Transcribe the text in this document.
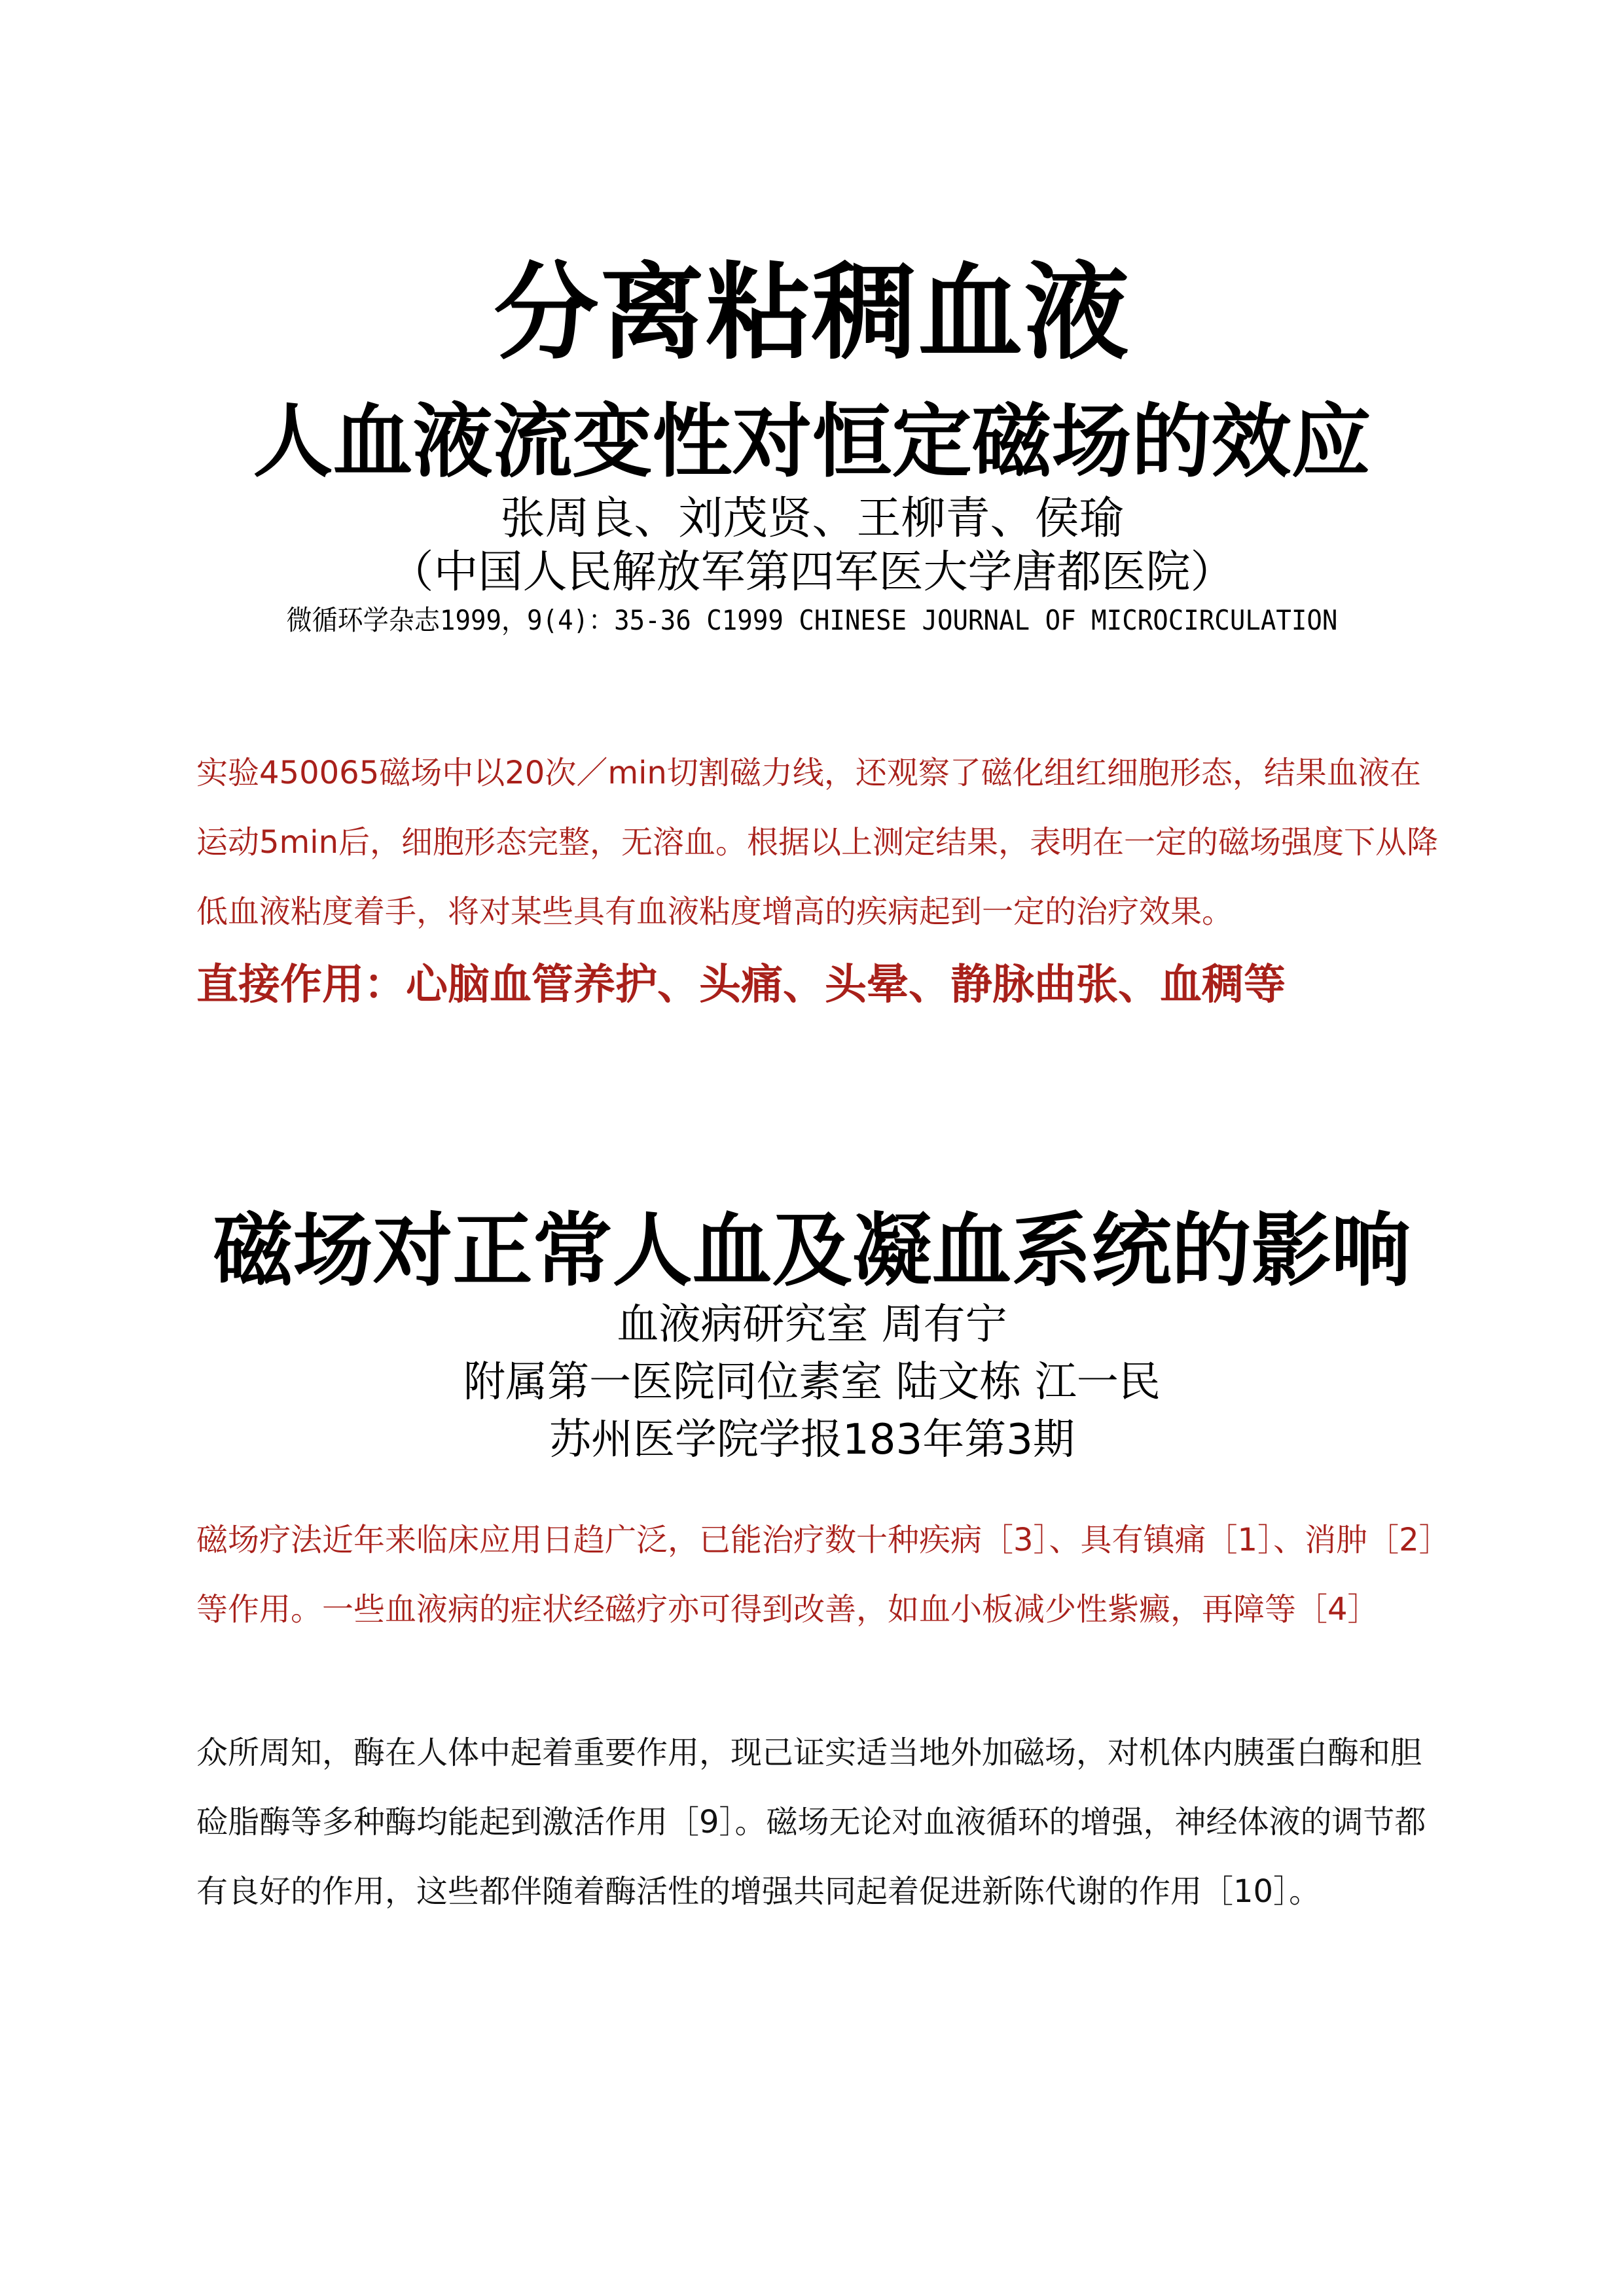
分离粘稠血液
人血液流变性对恒定磁场的效应
张周良、刘茂贤、王柳青、侯瑜
（中国人民解放军第四军医大学唐都医院）
微循环学杂志1999，9(4)：35-36 C1999 CHINESE JOURNAL OF MICROCIRCULATION

实验450065磁场中以20次／min切割磁力线，还观察了磁化组红细胞形态，结果血液在运动5min后，细胞形态完整，无溶血。根据以上测定结果，表明在一定的磁场强度下从降低血液粘度着手，将对某些具有血液粘度增高的疾病起到一定的治疗效果。

直接作用：心脑血管养护、头痛、头晕、静脉曲张、血稠等
磁场对正常人血及凝血系统的影响
血液病研究室 周有宁
附属第一医院同位素室 陆文栋 江一民
苏州医学院学报183年第3期

磁场疗法近年来临床应用日趋广泛，已能治疗数十种疾病［3］、具有镇痛［1］、消肿［2］等作用。一些血液病的症状经磁疗亦可得到改善，如血小板减少性紫癜，再障等［4］

众所周知，酶在人体中起着重要作用，现己证实适当地外加磁场，对机体内胰蛋白酶和胆硷脂酶等多种酶均能起到激活作用［9］。磁场无论对血液循环的增强，神经体液的调节都有良好的作用，这些都伴随着酶活性的增强共同起着促进新陈代谢的作用［10］。
